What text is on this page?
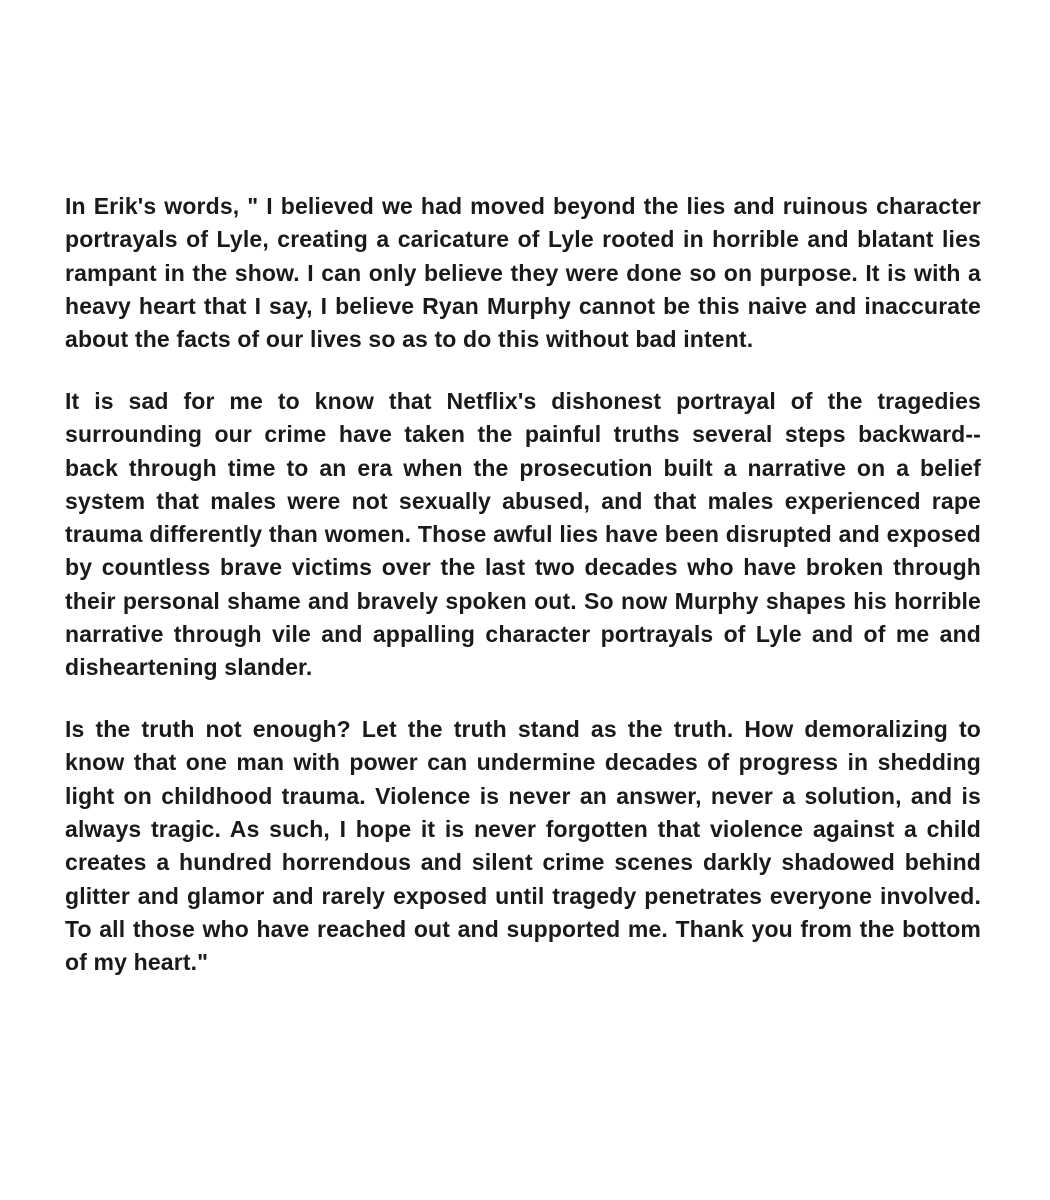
In Erik's words, " I believed we had moved beyond the lies and ruinous character portrayals of Lyle, creating a caricature of Lyle rooted in horrible and blatant lies rampant in the show. I can only believe they were done so on purpose. It is with a heavy heart that I say, I believe Ryan Murphy cannot be this naive and inaccurate about the facts of our lives so as to do this without bad intent.

It is sad for me to know that Netflix's dishonest portrayal of the tragedies surrounding our crime have taken the painful truths several steps backward-- back through time to an era when the prosecution built a narrative on a belief system that males were not sexually abused, and that males experienced rape trauma differently than women. Those awful lies have been disrupted and exposed by countless brave victims over the last two decades who have broken through their personal shame and bravely spoken out. So now Murphy shapes his horrible narrative through vile and appalling character portrayals of Lyle and of me and disheartening slander.

Is the truth not enough? Let the truth stand as the truth. How demoralizing to know that one man with power can undermine decades of progress in shedding light on childhood trauma. Violence is never an answer, never a solution, and is always tragic. As such, I hope it is never forgotten that violence against a child creates a hundred horrendous and silent crime scenes darkly shadowed behind glitter and glamor and rarely exposed until tragedy penetrates everyone involved. To all those who have reached out and supported me. Thank you from the bottom of my heart."
